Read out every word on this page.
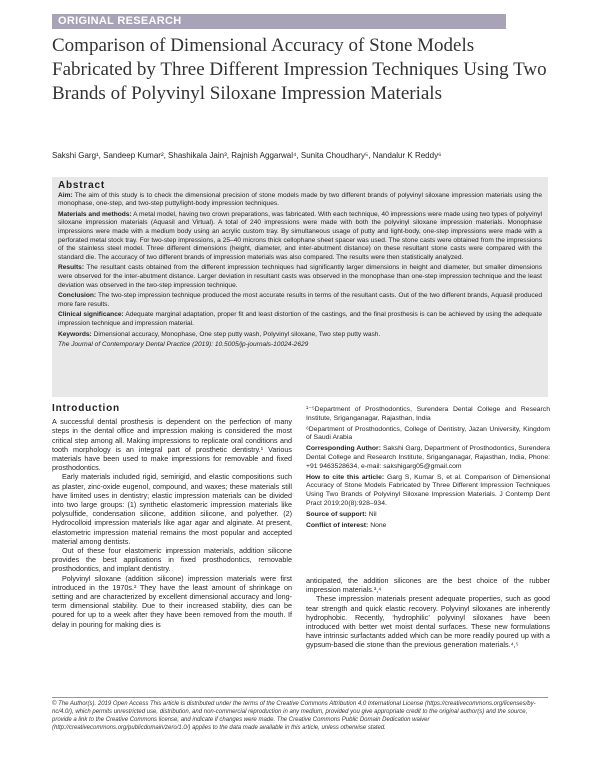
ORIGINAL RESEARCH
Comparison of Dimensional Accuracy of Stone Models Fabricated by Three Different Impression Techniques Using Two Brands of Polyvinyl Siloxane Impression Materials
Sakshi Garg¹, Sandeep Kumar², Shashikala Jain³, Rajnish Aggarwal⁴, Sunita Choudhary⁵, Nandalur K Reddy⁶
Abstract

Aim: The aim of this study is to check the dimensional precision of stone models made by two different brands of polyvinyl siloxane impression materials using the monophase, one-step, and two-step putty/light-body impression techniques.

Materials and methods: A metal model, having two crown preparations, was fabricated. With each technique, 40 impressions were made using two types of polyvinyl siloxane impression materials (Aquasil and Virtual). A total of 240 impressions were made with both the polyvinyl siloxane impression materials. Monophase impressions were made with a medium body using an acrylic custom tray. By simultaneous usage of putty and light-body, one-step impressions were made with a perforated metal stock tray. For two-step impressions, a 25–40 microns thick cellophane sheet spacer was used. The stone casts were obtained from the impressions of the stainless steel model. Three different dimensions (height, diameter, and inter-abutment distance) on these resultant stone casts were compared with the standard die. The accuracy of two different brands of impression materials was also compared. The results were then statistically analyzed.

Results: The resultant casts obtained from the different impression techniques had significantly larger dimensions in height and diameter, but smaller dimensions were observed for the inter-abutment distance. Larger deviation in resultant casts was observed in the monophase than one-step impression technique and the least deviation was observed in the two-step impression technique.

Conclusion: The two-step impression technique produced the most accurate results in terms of the resultant casts. Out of the two different brands, Aquasil produced more fare results.

Clinical significance: Adequate marginal adaptation, proper fit and least distortion of the castings, and the final prosthesis is can be achieved by using the adequate impression technique and impression material.

Keywords: Dimensional accuracy, Monophase, One step putty wash, Polyvinyl siloxane, Two step putty wash.

The Journal of Contemporary Dental Practice (2019): 10.5005/jp-journals-10024-2629

Introduction

A successful dental prosthesis is dependent on the perfection of many steps in the dental office and impression making is considered the most critical step among all. Making impressions to replicate oral conditions and tooth morphology is an integral part of prosthetic dentistry.¹ Various materials have been used to make impressions for removable and fixed prosthodontics.

Early materials included rigid, semirigid, and elastic compositions such as plaster, zinc-oxide eugenol, compound, and waxes; these materials still have limited uses in dentistry; elastic impression materials can be divided into two large groups: (1) synthetic elastomeric impression materials like polysulfide, condensation silicone, addition silicone, and polyether. (2) Hydrocolloid impression materials like agar agar and alginate. At present, elastometric impression material remains the most popular and accepted material among dentists.

Out of these four elastomeric impression materials, addition silicone provides the best applications in fixed prosthodontics, removable prosthodontics, and implant dentistry.

Polyvinyl siloxane (addition silicone) impression materials were first introduced in the 1970s.² They have the least amount of shrinkage on setting and are characterized by excellent dimensional accuracy and long-term dimensional stability. Due to their increased stability, dies can be poured for up to a week after they have been removed from the mouth. If delay in pouring for making dies is

¹⁻⁵Department of Prosthodontics, Surendera Dental College and Research Institute, Sriganganagar, Rajasthan, India

⁶Department of Prosthodontics, College of Dentistry, Jazan University, Kingdom of Saudi Arabia

Corresponding Author: Sakshi Garg, Department of Prosthodontics, Surendera Dental College and Research Institute, Sriganganagar, Rajasthan, India, Phone: +91 9463528634, e-mail: sakshigarg05@gmail.com

How to cite this article: Garg S, Kumar S, et al. Comparison of Dimensional Accuracy of Stone Models Fabricated by Three Different Impression Techniques Using Two Brands of Polyvinyl Siloxane Impression Materials. J Contemp Dent Pract 2019;20(8):928–934.

Source of support: Nil

Conflict of interest: None

anticipated, the addition silicones are the best choice of the rubber impression materials.³,⁴

These impression materials present adequate properties, such as good tear strength and quick elastic recovery. Polyvinyl siloxanes are inherently hydrophobic. Recently, ‘hydrophilic’ polyvinyl siloxanes have been introduced with better wet moist dental surfaces. These new formulations have intrinsic surfactants added which can be more readily poured up with a gypsum-based die stone than the previous generation materials.⁴,⁵

© The Author(s). 2019 Open Access This article is distributed under the terms of the Creative Commons Attribution 4.0 International License (https://creativecommons.org/licenses/by-nc/4.0/), which permits unrestricted use, distribution, and non-commercial reproduction in any medium, provided you give appropriate credit to the original author(s) and the source, provide a link to the Creative Commons license, and indicate if changes were made. The Creative Commons Public Domain Dedication waiver (http://creativecommons.org/publicdomain/zero/1.0/) applies to the data made available in this article, unless otherwise stated.
